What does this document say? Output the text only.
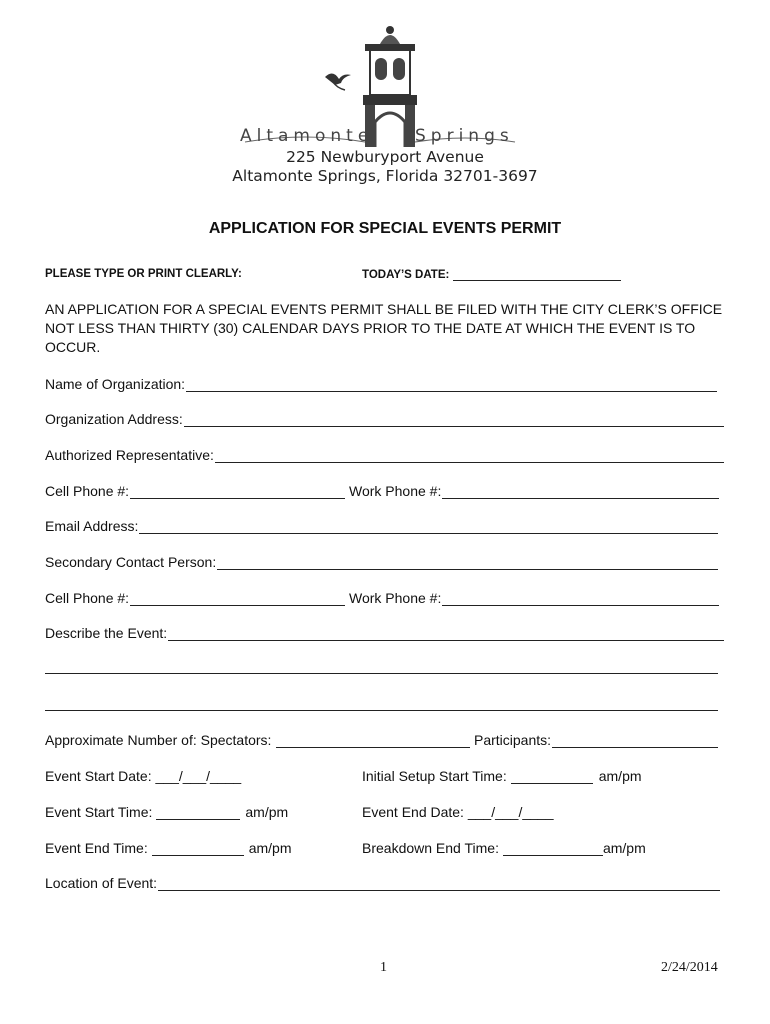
Altamonte Springs
225 Newburyport Avenue
Altamonte Springs, Florida 32701-3697
APPLICATION FOR SPECIAL EVENTS PERMIT
PLEASE TYPE OR PRINT CLEARLY:	TODAY’S DATE:
AN APPLICATION FOR A SPECIAL EVENTS PERMIT SHALL BE FILED WITH THE CITY CLERK’S OFFICE NOT LESS THAN THIRTY (30) CALENDAR DAYS PRIOR TO THE DATE AT WHICH THE EVENT IS TO OCCUR.
Name of Organization:
Organization Address:
Authorized Representative:
Cell Phone #:	Work Phone #:
Email Address:
Secondary Contact Person:
Cell Phone #:	Work Phone #:
Describe the Event:
Approximate Number of: Spectators:	Participants:
Event Start Date: ___/___/____	Initial Setup Start Time:	am/pm
Event Start Time:	am/pm	Event End Date: ___/___/____
Event End Time:	am/pm	Breakdown End Time:	am/pm
Location of Event:
1	2/24/2014
